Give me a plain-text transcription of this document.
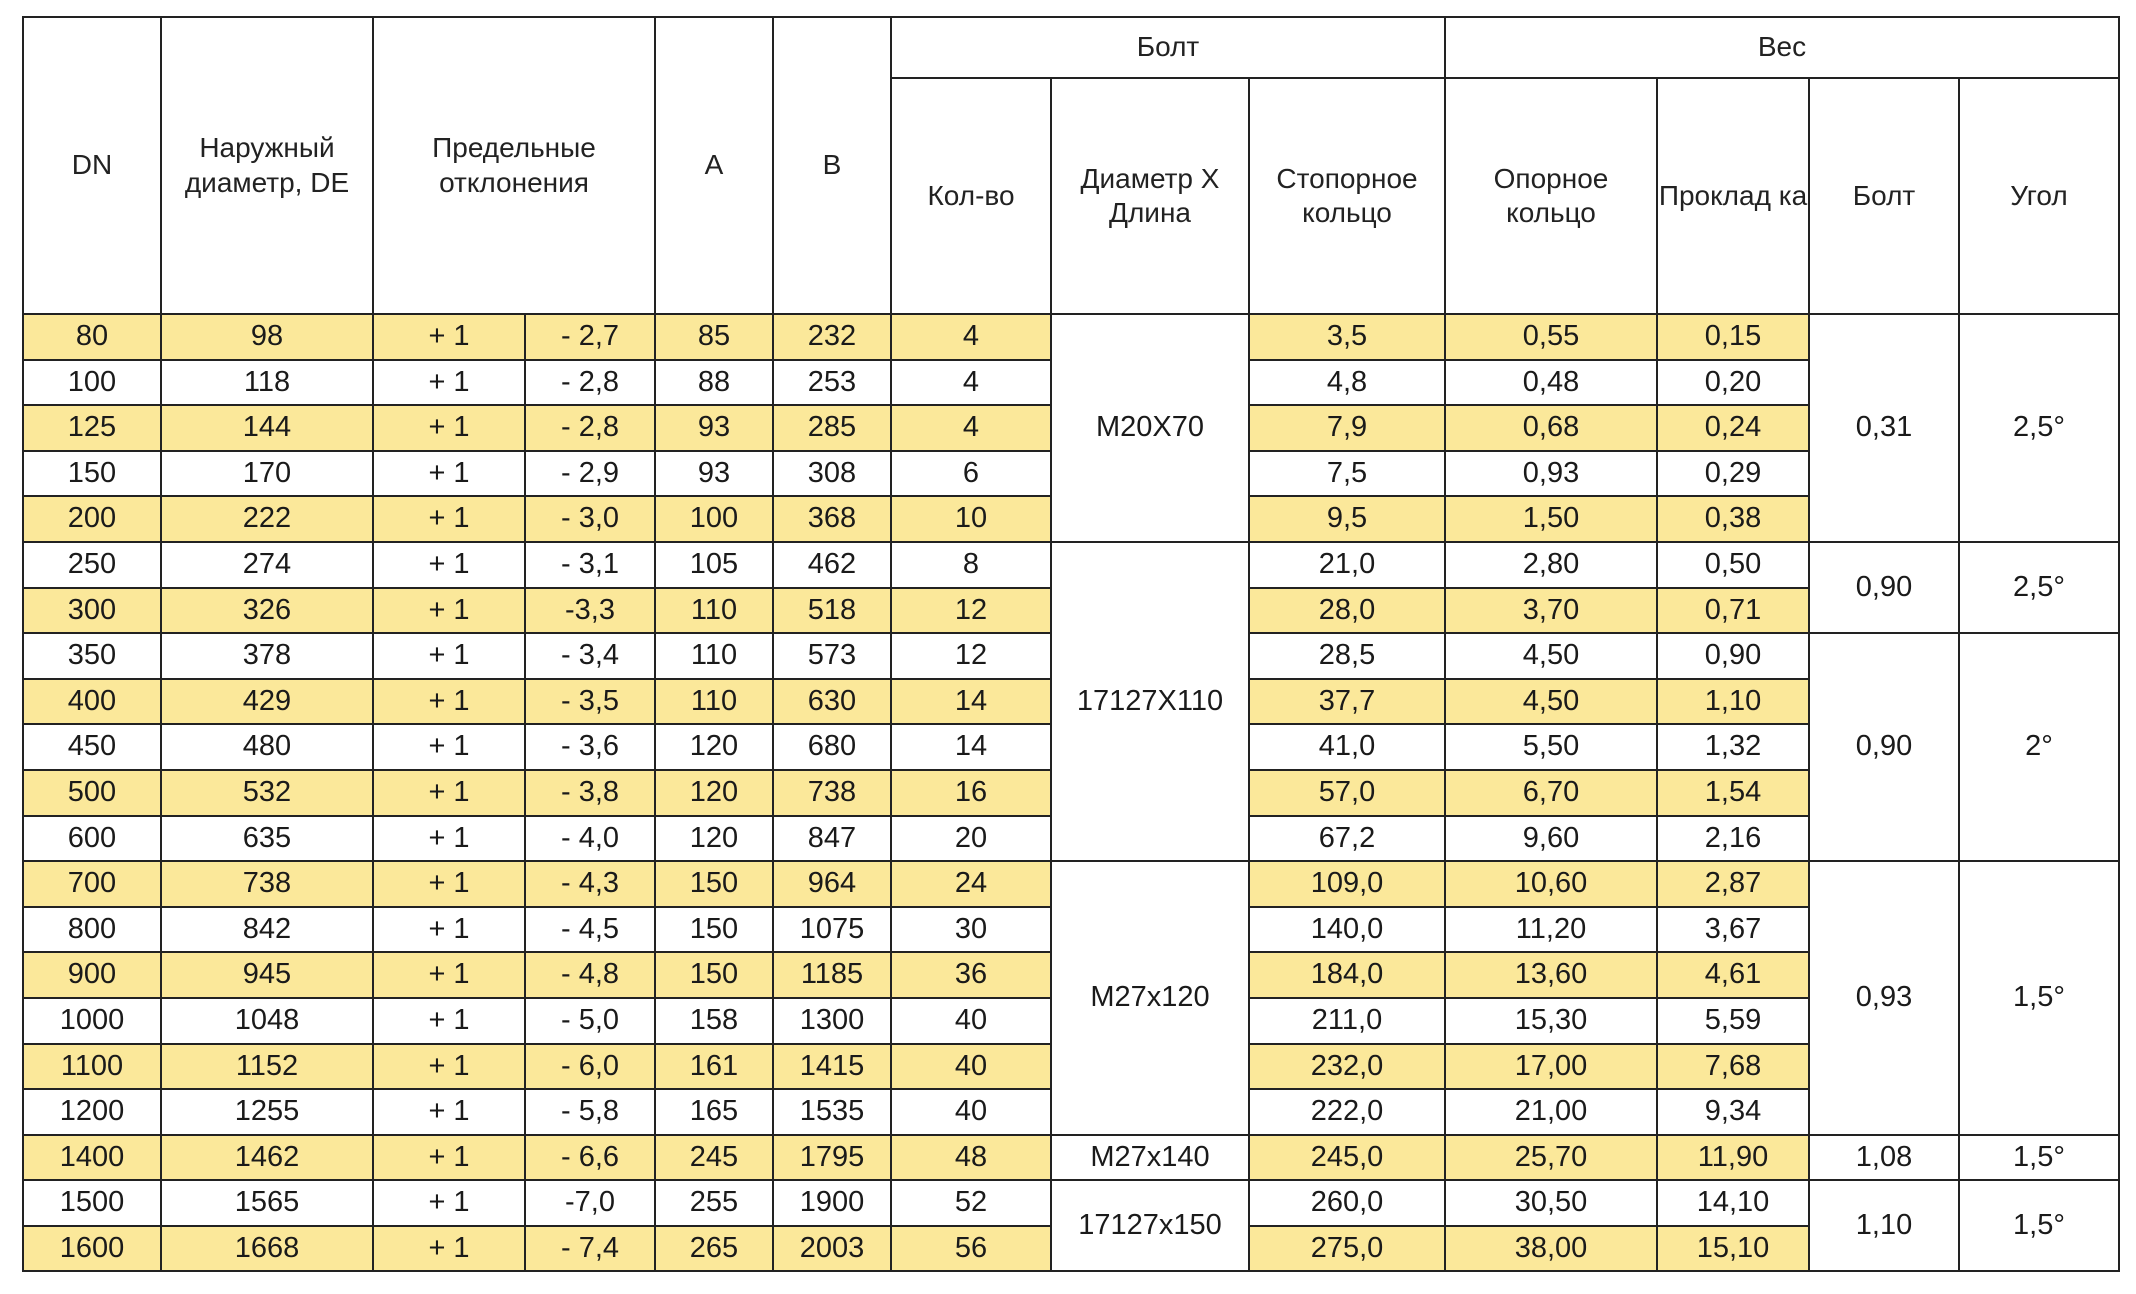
DN	Наружный диаметр, DE	Предельные отклонения		A	B	Болт			Вес			
						Кол-во	Диаметр Х Длина	Стопорное кольцо	Опорное кольцо	Проклад ка	Болт	Угол
80	98	+ 1	- 2,7	85	232	4	M20X70	3,5	0,55	0,15	0,31	2,5°
100	118	+ 1	- 2,8	88	253	4		4,8	0,48	0,20		
125	144	+ 1	- 2,8	93	285	4		7,9	0,68	0,24		
150	170	+ 1	- 2,9	93	308	6		7,5	0,93	0,29		
200	222	+ 1	- 3,0	100	368	10		9,5	1,50	0,38		
250	274	+ 1	- 3,1	105	462	8	17127X110	21,0	2,80	0,50	0,90	2,5°
300	326	+ 1	-3,3	110	518	12		28,0	3,70	0,71		
350	378	+ 1	- 3,4	110	573	12		28,5	4,50	0,90	0,90	2°
400	429	+ 1	- 3,5	110	630	14		37,7	4,50	1,10		
450	480	+ 1	- 3,6	120	680	14		41,0	5,50	1,32		
500	532	+ 1	- 3,8	120	738	16		57,0	6,70	1,54		
600	635	+ 1	- 4,0	120	847	20		67,2	9,60	2,16		
700	738	+ 1	- 4,3	150	964	24	M27x120	109,0	10,60	2,87	0,93	1,5°
800	842	+ 1	- 4,5	150	1075	30		140,0	11,20	3,67		
900	945	+ 1	- 4,8	150	1185	36		184,0	13,60	4,61		
1000	1048	+ 1	- 5,0	158	1300	40		211,0	15,30	5,59		
1100	1152	+ 1	- 6,0	161	1415	40		232,0	17,00	7,68		
1200	1255	+ 1	- 5,8	165	1535	40		222,0	21,00	9,34		
1400	1462	+ 1	- 6,6	245	1795	48	M27x140	245,0	25,70	11,90	1,08	1,5°
1500	1565	+ 1	-7,0	255	1900	52	17127x150	260,0	30,50	14,10	1,10	1,5°
1600	1668	+ 1	- 7,4	265	2003	56		275,0	38,00	15,10		
